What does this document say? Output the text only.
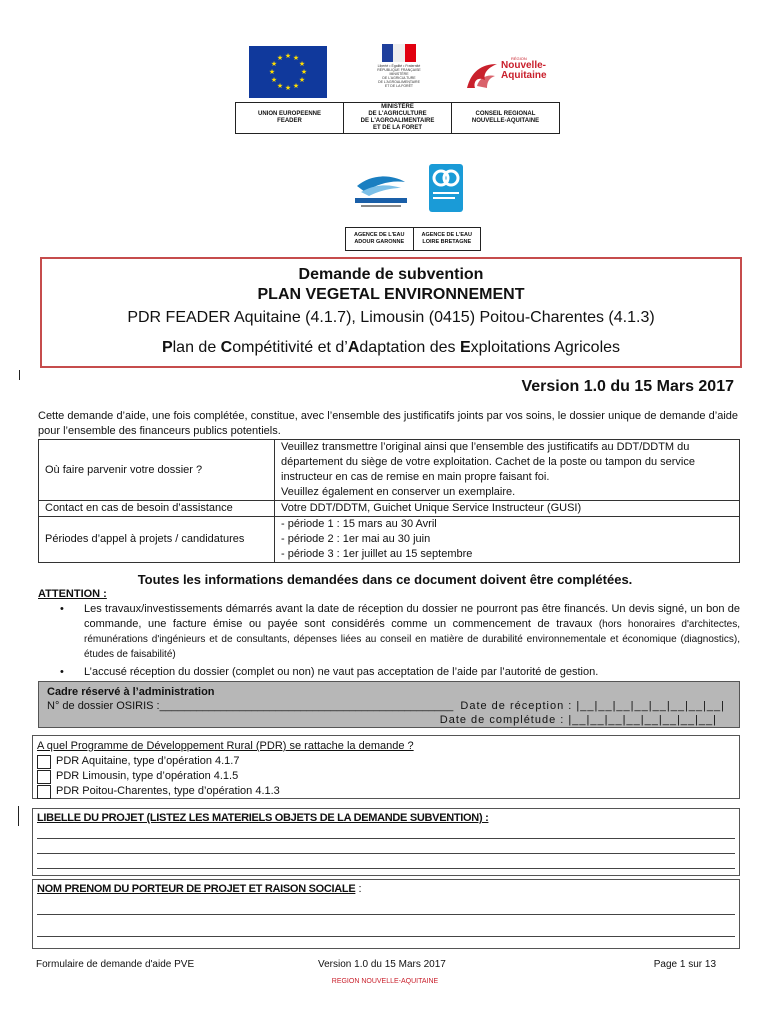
★ ★
★
★
★
★
★
★
★
★
★
★
Liberté • Égalité • Fraternité
RÉPUBLIQUE FRANÇAISE
MINISTÈRE
DE L'AGRICULTURE
DE L'AGROALIMENTAIRE
ET DE LA FORÊT
RÉGION
Nouvelle-
Aquitaine
UNION EUROPEENNE
FEADER
MINISTÈRE
DE L'AGRICULTURE
DE L'AGROALIMENTAIRE
ET DE LA FORET
CONSEIL REGIONAL
NOUVELLE-AQUITAINE
AGENCE DE L'EAU
ADOUR GARONNE
AGENCE DE L'EAU
LOIRE BRETAGNE
Demande de subvention
PLAN VEGETAL ENVIRONNEMENT
PDR FEADER Aquitaine (4.1.7), Limousin (0415) Poitou-Charentes (4.1.3)
Plan de Compétitivité et d’Adaptation des Exploitations Agricoles
Version 1.0 du 15 Mars 2017
Cette demande d’aide, une fois complétée, constitue, avec l’ensemble des justificatifs joints par vos soins, le dossier unique de demande d’aide pour l’ensemble des financeurs publics potentiels.
Où faire parvenir votre dossier ?	Veuillez transmettre l’original ainsi que l’ensemble des justificatifs au DDT/DDTM du département du siège de votre exploitation. Cachet de la poste ou tampon du service instructeur en cas de remise en main propre faisant foi.
Veuillez également en conserver un exemplaire.

Contact en cas de besoin d’assistance	Votre DDT/DDTM, Guichet Unique Service Instructeur (GUSI)
Périodes d’appel à projets / candidatures	- période 1 : 15 mars au 30 Avril
- période 2 : 1er mai au 30 juin
- période 3 : 1er juillet au 15 septembre
Toutes les informations demandées dans ce document doivent être complétées.
ATTENTION :
• Les travaux/investissements démarrés avant la date de réception du dossier ne pourront pas être financés. Un devis signé, un bon de commande, une facture émise ou payée sont considérés comme un commencement de travaux (hors honoraires d'architectes, rémunérations d'ingénieurs et de consultants, dépenses liées au conseil en matière de durabilité environnementale et économique (diagnostics), études de faisabilité)
• L’accusé réception du dossier (complet ou non) ne vaut pas acceptation de l’aide par l’autorité de gestion.
Cadre réservé à l’administration
N° de dossier OSIRIS :________________________________________________ Date de réception : |__|__|__|__|__|__|__|__|
Date de complétude : |__|__|__|__|__|__|__|__|
A quel Programme de Développement Rural (PDR) se rattache la demande ?
PDR Aquitaine, type d’opération 4.1.7
PDR Limousin, type d’opération 4.1.5
PDR Poitou-Charentes, type d’opération 4.1.3
LIBELLE DU PROJET (LISTEZ LES MATERIELS OBJETS DE LA DEMANDE SUBVENTION) :
NOM PRENOM DU PORTEUR DE PROJET ET RAISON SOCIALE :
Formulaire de demande d'aide PVE	Version 1.0 du 15 Mars 2017	Page 1 sur 13
REGION NOUVELLE-AQUITAINE
